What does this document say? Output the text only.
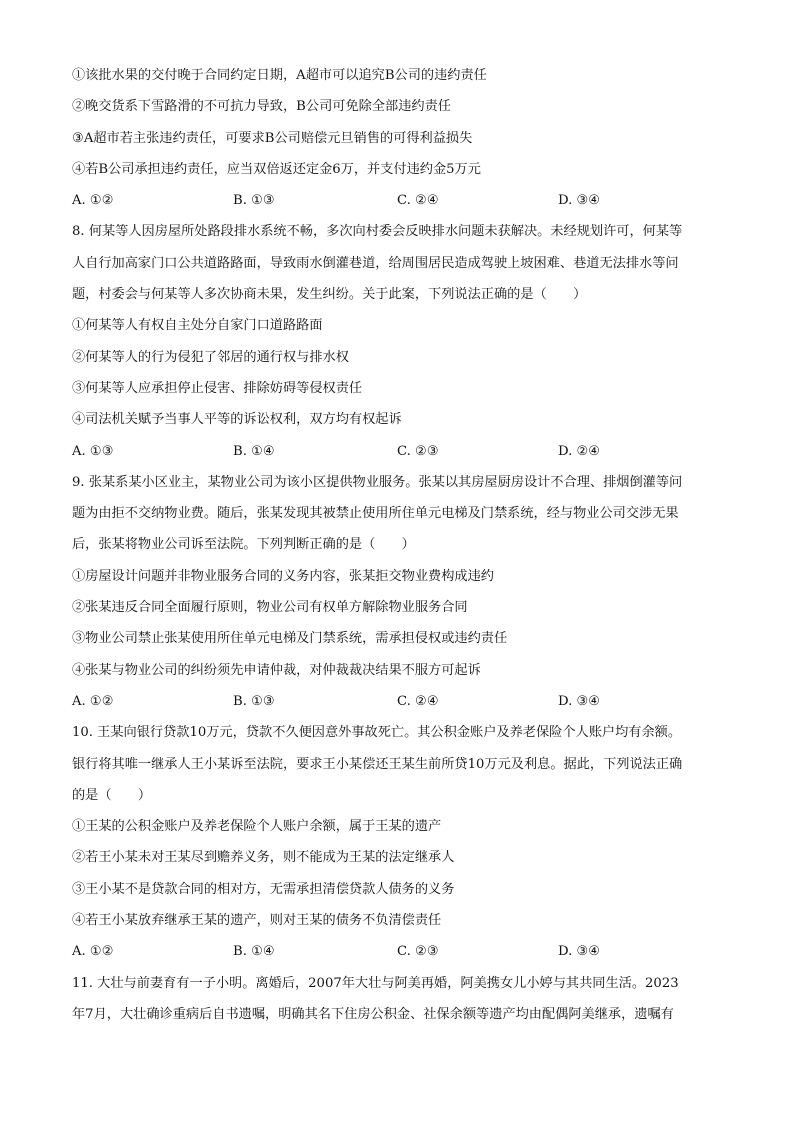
①该批水果的交付晚于合同约定日期，A超市可以追究B公司的违约责任
②晚交货系下雪路滑的不可抗力导致，B公司可免除全部违约责任
③A超市若主张违约责任，可要求B公司赔偿元旦销售的可得利益损失
④若B公司承担违约责任，应当双倍返还定金6万，并支付违约金5万元
A. ①②	B. ①③	C. ②④	D. ③④
8. 何某等人因房屋所处路段排水系统不畅，多次向村委会反映排水问题未获解决。未经规划许可，何某等
人自行加高家门口公共道路路面，导致雨水倒灌巷道，给周围居民造成驾驶上坡困难、巷道无法排水等问
题，村委会与何某等人多次协商未果，发生纠纷。关于此案，下列说法正确的是（　　）
①何某等人有权自主处分自家门口道路路面
②何某等人的行为侵犯了邻居的通行权与排水权
③何某等人应承担停止侵害、排除妨碍等侵权责任
④司法机关赋予当事人平等的诉讼权利，双方均有权起诉
A. ①③	B. ①④	C. ②③	D. ②④
9. 张某系某小区业主，某物业公司为该小区提供物业服务。张某以其房屋厨房设计不合理、排烟倒灌等问
题为由拒不交纳物业费。随后，张某发现其被禁止使用所住单元电梯及门禁系统，经与物业公司交涉无果
后，张某将物业公司诉至法院。下列判断正确的是（　　）
①房屋设计问题并非物业服务合同的义务内容，张某拒交物业费构成违约
②张某违反合同全面履行原则，物业公司有权单方解除物业服务合同
③物业公司禁止张某使用所住单元电梯及门禁系统，需承担侵权或违约责任
④张某与物业公司的纠纷须先申请仲裁，对仲裁裁决结果不服方可起诉
A. ①②	B. ①③	C. ②④	D. ③④
10. 王某向银行贷款10万元，贷款不久便因意外事故死亡。其公积金账户及养老保险个人账户均有余额。
银行将其唯一继承人王小某诉至法院，要求王小某偿还王某生前所贷10万元及利息。据此，下列说法正确
的是（　　）
①王某的公积金账户及养老保险个人账户余额，属于王某的遗产
②若王小某未对王某尽到赡养义务，则不能成为王某的法定继承人
③王小某不是贷款合同的相对方，无需承担清偿贷款人债务的义务
④若王小某放弃继承王某的遗产，则对王某的债务不负清偿责任
A. ①②	B. ①④	C. ②③	D. ③④
11. 大壮与前妻育有一子小明。离婚后，2007年大壮与阿美再婚，阿美携女儿小婷与其共同生活。2023
年7月，大壮确诊重病后自书遗嘱，明确其名下住房公积金、社保余额等遗产均由配偶阿美继承，遗嘱有
